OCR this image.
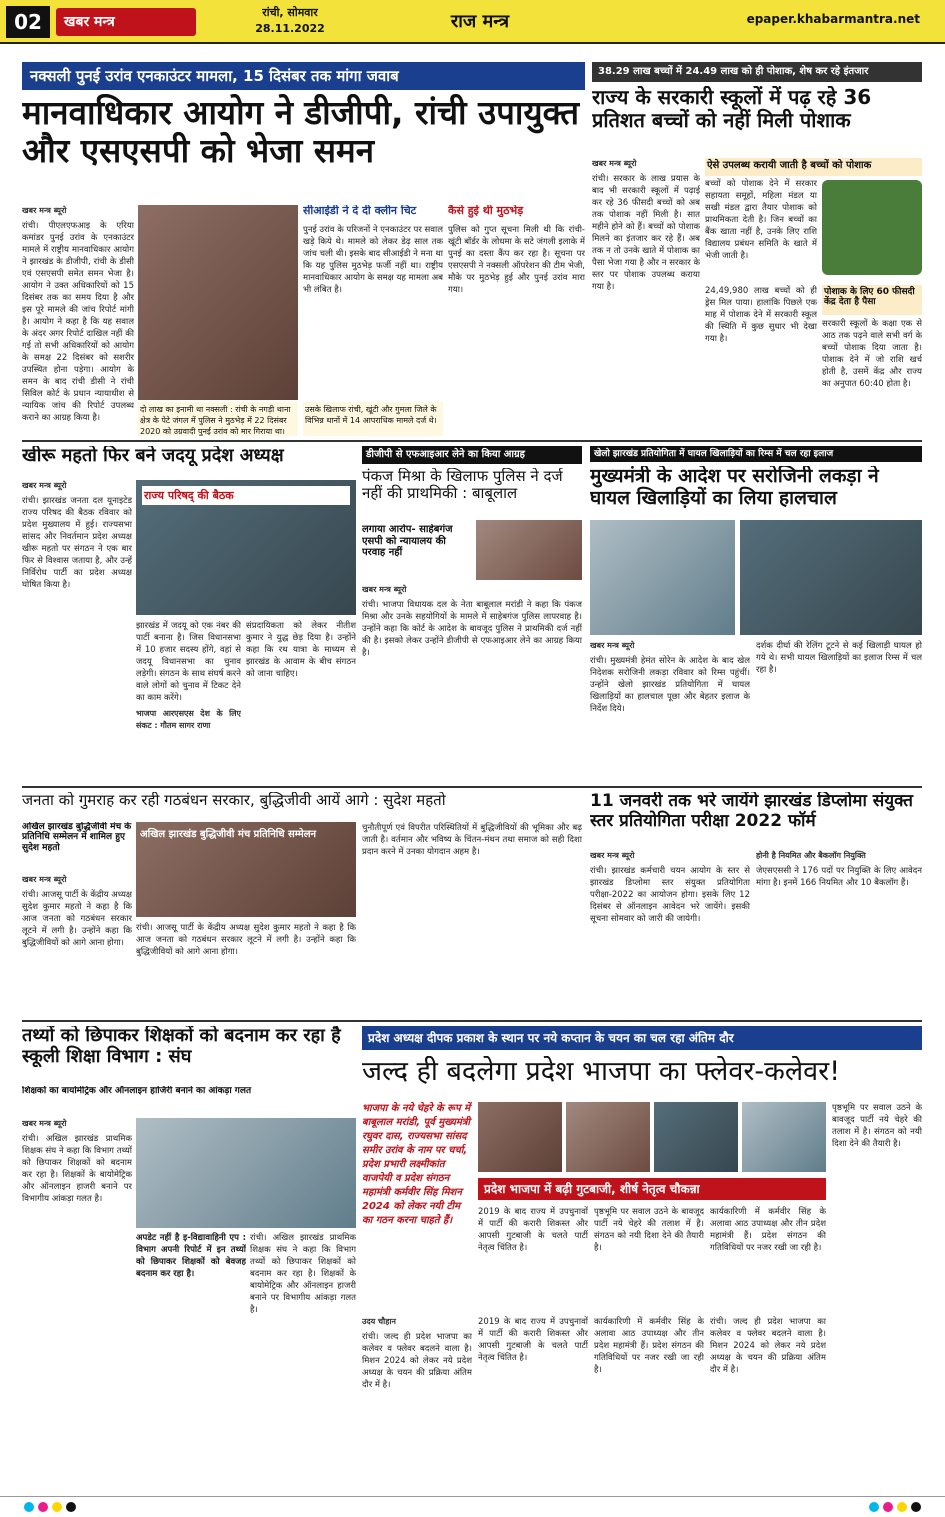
02	खबर मन्त्र
रांची, सोमवार
28.11.2022	राज मन्त्र	epaper.khabarmantra.net
नक्सली पुनई उरांव एनकाउंटर मामला, 15 दिसंबर तक मांगा जवाब
मानवाधिकार आयोग ने डीजीपी, रांची उपायुक्त और एसएसपी को भेजा समन
खबर मन्त्र ब्यूरो
रांची। पीएलएफआइ के एरिया कमांडर पुनई उरांव के एनकाउंटर मामले में राष्ट्रीय मानवाधिकार आयोग ने झारखंड के डीजीपी, रांची के डीसी एवं एसएसपी समेत समन भेजा है। आयोग ने उक्त अधिकारियों को 15 दिसंबर तक का समय दिया है और इस पूरे मामले की जांच रिपोर्ट मांगी है। आयोग ने कहा है कि यह सवाल के अंदर अगर रिपोर्ट दाखिल नहीं की गई तो सभी अधिकारियों को आयोग के समक्ष 22 दिसंबर को सशरीर उपस्थित होना पड़ेगा। आयोग के समन के बाद रांची डीसी ने रांची सिविल कोर्ट के प्रधान न्यायाधीश से न्यायिक जांच की रिपोर्ट उपलब्ध कराने का आग्रह किया है।
दो लाख का इनामी था नक्सली : रांची के नगड़ी थाना क्षेत्र के पेटे जंगल में पुलिस ने मुठभेड़ में 22 दिसंबर 2020 को उग्रवादी पुनई उरांव को मार गिराया था।
सीआईडी ने दे दी क्लीन चिट
पुनई उरांव के परिजनों ने एनकाउंटर पर सवाल खड़े किये थे। मामले को लेकर डेढ़ साल तक जांच चली थी। इसके बाद सीआईडी ने मना था कि यह पुलिस मुठभेड़ फर्जी नहीं था। राष्ट्रीय मानवाधिकार आयोग के समक्ष यह मामला अब भी लंबित है।
उसके खिलाफ रांची, खूंटी और गुमला जिले के विभिन्न थानों में 14 आपराधिक मामले दर्ज थे।
कैसे हुई थी मुठभेड़
पुलिस को गुप्त सूचना मिली थी कि रांची-खूंटी बॉर्डर के लोधमा के सटे जंगली इलाके में पुनई का दस्ता कैंप कर रहा है। सूचना पर एसएसपी ने नक्सली ऑपरेशन की टीम भेजी, मौके पर मुठभेड़ हुई और पुनई उरांव मारा गया।
38.29 लाख बच्चों में 24.49 लाख को ही पोशाक, शेष कर रहे इंतजार
राज्य के सरकारी स्कूलों में पढ़ रहे 36 प्रतिशत बच्चों को नहीं मिली पोशाक
खबर मन्त्र ब्यूरो
रांची। सरकार के लाख प्रयास के बाद भी सरकारी स्कूलों में पढ़ाई कर रहे 36 फीसदी बच्चों को अब तक पोशाक नहीं मिली है। सात महीने होने को हैं। बच्चों को पोशाक मिलने का इंतजार कर रहे हैं। अब तक न तो उनके खाते में पोशाक का पैसा भेजा गया है और न सरकार के स्तर पर पोशाक उपलब्ध कराया गया है।
ऐसे उपलब्ध करायी जाती है बच्चों को पोशाक
बच्चों को पोशाक देने में सरकार सहायता समूहों, महिला मंडल या सखी मंडल द्वारा तैयार पोशाक को प्राथमिकता देती है। जिन बच्चों का बैंक खाता नहीं है, उनके लिए राशि विद्यालय प्रबंधन समिति के खाते में भेजी जाती है।
24,49,980 लाख बच्चों को ही ड्रेस मिल पाया। हालांकि पिछले एक माह में पोशाक देने में सरकारी स्कूल की स्थिति में कुछ सुधार भी देखा गया है।
पोशाक के लिए 60 फीसदी केंद्र देता है पैसा
सरकारी स्कूलों के कक्षा एक से आठ तक पढ़ने वाले सभी वर्ग के बच्चों पोशाक दिया जाता है। पोशाक देने में जो राशि खर्च होती है, उसमें केंद्र और राज्य का अनुपात 60:40 होता है।
खीरू महतो फिर बने जदयू प्रदेश अध्यक्ष
खबर मन्त्र ब्यूरो
रांची। झारखंड जनता दल यूनाइटेड राज्य परिषद की बैठक रविवार को प्रदेश मुख्यालय में हुई। राज्यसभा सांसद और निवर्तमान प्रदेश अध्यक्ष खीरू महतो पर संगठन ने एक बार फिर से विश्वास जताया है, और उन्हें निर्विरोध पार्टी का प्रदेश अध्यक्ष घोषित किया है।
राज्य परिषद् की बैठक
झारखंड में जदयू को एक नंबर की पार्टी बनाना है। जिस विधानसभा में 10 हजार सदस्य होंगे, वहां से जदयू विधानसभा का चुनाव लड़ेगी। संगठन के साथ संघर्ष करने वाले लोगों को चुनाव में टिकट देने का काम करेंगे।
भाजपा आरएसएस देश के लिए संकट : गौतम सागर राणा
संप्रदायिकता को लेकर नीतीश कुमार ने युद्ध छेड़ दिया है। उन्होंने कहा कि रथ यात्रा के माध्यम से झारखंड के आवाम के बीच संगठन को जाना चाहिए।
डीजीपी से एफआइआर लेने का किया आग्रह
पंकज मिश्रा के खिलाफ पुलिस ने दर्ज नहीं की प्राथमिकी : बाबूलाल
लगाया आरोप- साहेबगंज एसपी को न्यायालय की परवाह नहीं
खबर मन्त्र ब्यूरो
रांची। भाजपा विधायक दल के नेता बाबूलाल मरांडी ने कहा कि पंकज मिश्रा और उनके सहयोगियों के मामले में साहेबगंज पुलिस लापरवाह है। उन्होंने कहा कि कोर्ट के आदेश के बावजूद पुलिस ने प्राथमिकी दर्ज नहीं की है। इसको लेकर उन्होंने डीजीपी से एफआइआर लेने का आग्रह किया है।
खेलो झारखंड प्रतियोगिता में घायल खिलाड़ियों का रिम्स में चल रहा इलाज
मुख्यमंत्री के आदेश पर सरोजिनी लकड़ा ने घायल खिलाड़ियों का लिया हालचाल
खबर मन्त्र ब्यूरो
रांची। मुख्यमंत्री हेमंत सोरेन के आदेश के बाद खेल निदेशक सरोजिनी लकड़ा रविवार को रिम्स पहुंचीं। उन्होंने खेलो झारखंड प्रतियोगिता में घायल खिलाड़ियों का हालचाल पूछा और बेहतर इलाज के निर्देश दिये।
दर्शक दीर्घा की रेलिंग टूटने से कई खिलाड़ी घायल हो गये थे। सभी घायल खिलाड़ियों का इलाज रिम्स में चल रहा है।
जनता को गुमराह कर रही गठबंधन सरकार, बुद्धिजीवी आयें आगे : सुदेश महतो
अखिल झारखंड बुद्धिजीवी मंच के प्रतिनिधि सम्मेलन में शामिल हुए सुदेश महतो
खबर मन्त्र ब्यूरो
रांची। आजसू पार्टी के केंद्रीय अध्यक्ष सुदेश कुमार महतो ने कहा है कि आज जनता को गठबंधन सरकार लूटने में लगी है। उन्होंने कहा कि बुद्धिजीवियों को आगे आना होगा।
अखिल झारखंड बुद्धिजीवी मंच प्रतिनिधि सम्मेलन
रांची। आजसू पार्टी के केंद्रीय अध्यक्ष सुदेश कुमार महतो ने कहा है कि आज जनता को गठबंधन सरकार लूटने में लगी है। उन्होंने कहा कि बुद्धिजीवियों को आगे आना होगा।
चुनौतीपूर्ण एवं विपरीत परिस्थितियों में बुद्धिजीवियों की भूमिका और बढ़ जाती है। वर्तमान और भविष्य के चिंतन-मंथन तथा समाज को सही दिशा प्रदान करने में उनका योगदान अहम है।
11 जनवरी तक भरे जायेंगे झारखंड डिप्लोमा संयुक्त स्तर प्रतियोगिता परीक्षा 2022 फॉर्म
खबर मन्त्र ब्यूरो
रांची। झारखंड कर्मचारी चयन आयोग के स्तर से झारखंड डिप्लोमा स्तर संयुक्त प्रतियोगिता परीक्षा-2022 का आयोजन होगा। इसके लिए 12 दिसंबर से ऑनलाइन आवेदन भरे जायेंगे। इसकी सूचना सोमवार को जारी की जायेगी।
होनी है नियमित और बैकलॉग नियुक्ति
जेएसएससी ने 176 पदों पर नियुक्ति के लिए आवेदन मांगा है। इनमें 166 नियमित और 10 बैकलॉग हैं।
तथ्यों को छिपाकर शिक्षकों को बदनाम कर रहा है स्कूली शिक्षा विभाग : संघ
शिक्षकों का बायोमेट्रिक और ऑनलाइन हाजिरी बनाने का आंकड़ा गलत
खबर मन्त्र ब्यूरो
रांची। अखिल झारखंड प्राथमिक शिक्षक संघ ने कहा कि विभाग तथ्यों को छिपाकर शिक्षकों को बदनाम कर रहा है। शिक्षकों के बायोमेट्रिक और ऑनलाइन हाजरी बनाने पर विभागीय आंकड़ा गलत है।
अपडेट नहीं है इ-विद्यावाहिनी एप : विभाग अपनी रिपोर्ट में इन तथ्यों को छिपाकर शिक्षकों को बेवजह बदनाम कर रहा है।
रांची। अखिल झारखंड प्राथमिक शिक्षक संघ ने कहा कि विभाग तथ्यों को छिपाकर शिक्षकों को बदनाम कर रहा है। शिक्षकों के बायोमेट्रिक और ऑनलाइन हाजरी बनाने पर विभागीय आंकड़ा गलत है।
प्रदेश अध्यक्ष दीपक प्रकाश के स्थान पर नये कप्तान के चयन का चल रहा अंतिम दौर
जल्द ही बदलेगा प्रदेश भाजपा का फ्लेवर-कलेवर!
भाजपा के नये चेहरे के रूप में बाबूलाल मरांडी, पूर्व मुख्यमंत्री रघुवर दास, राज्यसभा सांसद समीर उरांव के नाम पर चर्चा, प्रदेश प्रभारी लक्ष्मीकांत वाजपेयी व प्रदेश संगठन महामंत्री कर्मवीर सिंह मिशन 2024 को लेकर नयी टीम का गठन करना चाहते हैं।
प्रदेश भाजपा में बढ़ी गुटबाजी, शीर्ष नेतृत्व चौकन्ना
2019 के बाद राज्य में उपचुनावों में पार्टी की करारी शिकस्त और आपसी गुटबाजी के चलते पार्टी नेतृत्व चिंतित है।
पृष्ठभूमि पर सवाल उठने के बावजूद पार्टी नये चेहरे की तलाश में है। संगठन को नयी दिशा देने की तैयारी है।
कार्यकारिणी में कर्मवीर सिंह के अलावा आठ उपाध्यक्ष और तीन प्रदेश महामंत्री हैं। प्रदेश संगठन की गतिविधियों पर नजर रखी जा रही है।
पृष्ठभूमि पर सवाल उठने के बावजूद पार्टी नये चेहरे की तलाश में है। संगठन को नयी दिशा देने की तैयारी है।
उदय चौहान
रांची। जल्द ही प्रदेश भाजपा का कलेवर व फ्लेवर बदलने वाला है। मिशन 2024 को लेकर नये प्रदेश अध्यक्ष के चयन की प्रक्रिया अंतिम दौर में है।
2019 के बाद राज्य में उपचुनावों में पार्टी की करारी शिकस्त और आपसी गुटबाजी के चलते पार्टी नेतृत्व चिंतित है।
कार्यकारिणी में कर्मवीर सिंह के अलावा आठ उपाध्यक्ष और तीन प्रदेश महामंत्री हैं। प्रदेश संगठन की गतिविधियों पर नजर रखी जा रही है।
रांची। जल्द ही प्रदेश भाजपा का कलेवर व फ्लेवर बदलने वाला है। मिशन 2024 को लेकर नये प्रदेश अध्यक्ष के चयन की प्रक्रिया अंतिम दौर में है।
